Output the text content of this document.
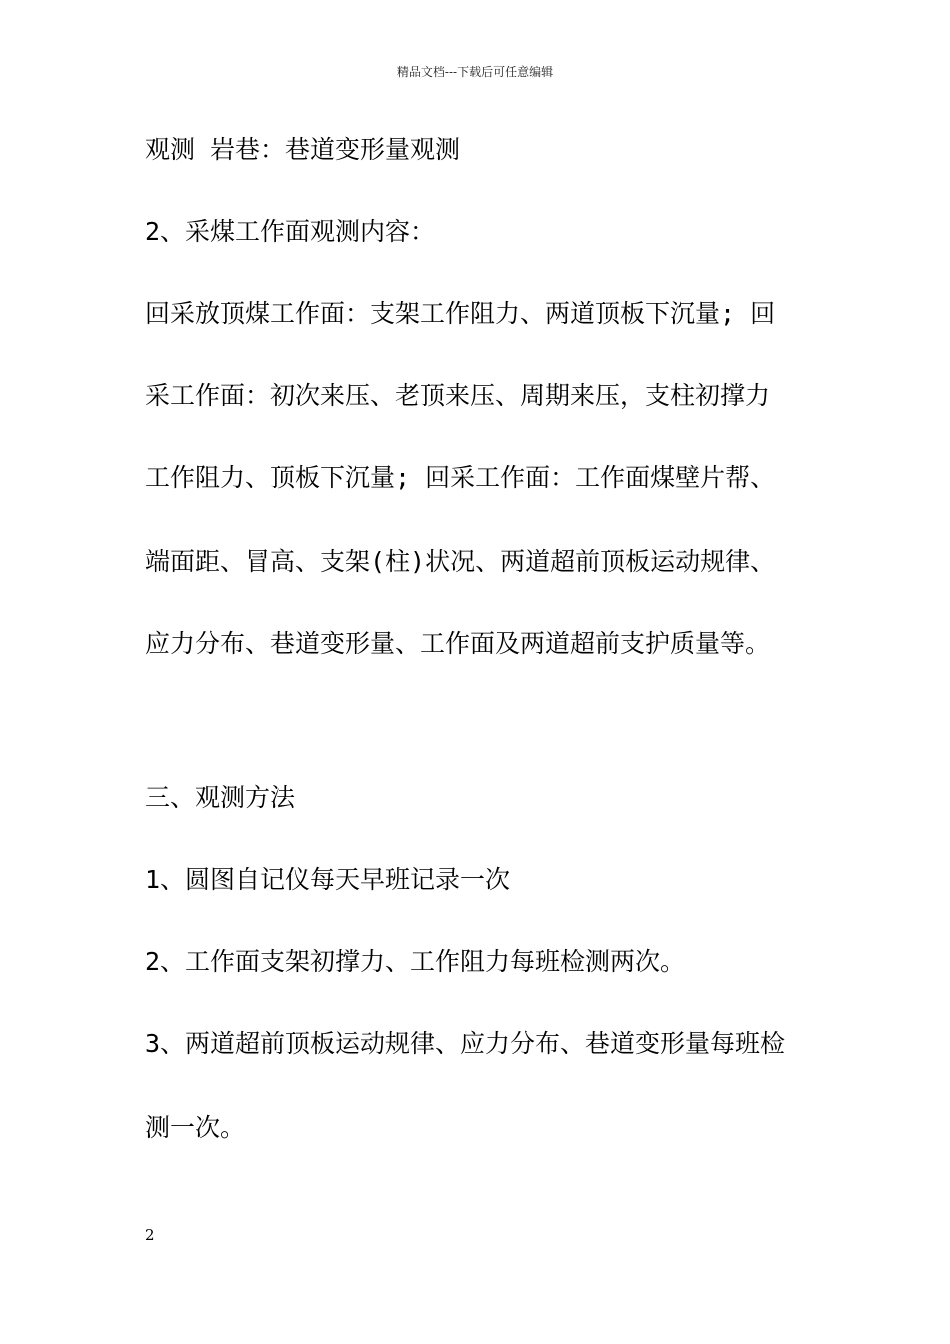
精品文档---下载后可任意编辑
观测 岩巷：巷道变形量观测
2、采煤工作面观测内容：
回采放顶煤工作面：支架工作阻力、两道顶板下沉量; 回
采工作面：初次来压、老顶来压、周期来压，支柱初撑力
工作阻力、顶板下沉量; 回采工作面：工作面煤壁片帮、
端面距、冒高、支架(柱)状况、两道超前顶板运动规律、
应力分布、巷道变形量、工作面及两道超前支护质量等。
三、观测方法
1、圆图自记仪每天早班记录一次
2、工作面支架初撑力、工作阻力每班检测两次。
3、两道超前顶板运动规律、应力分布、巷道变形量每班检
测一次。
2
